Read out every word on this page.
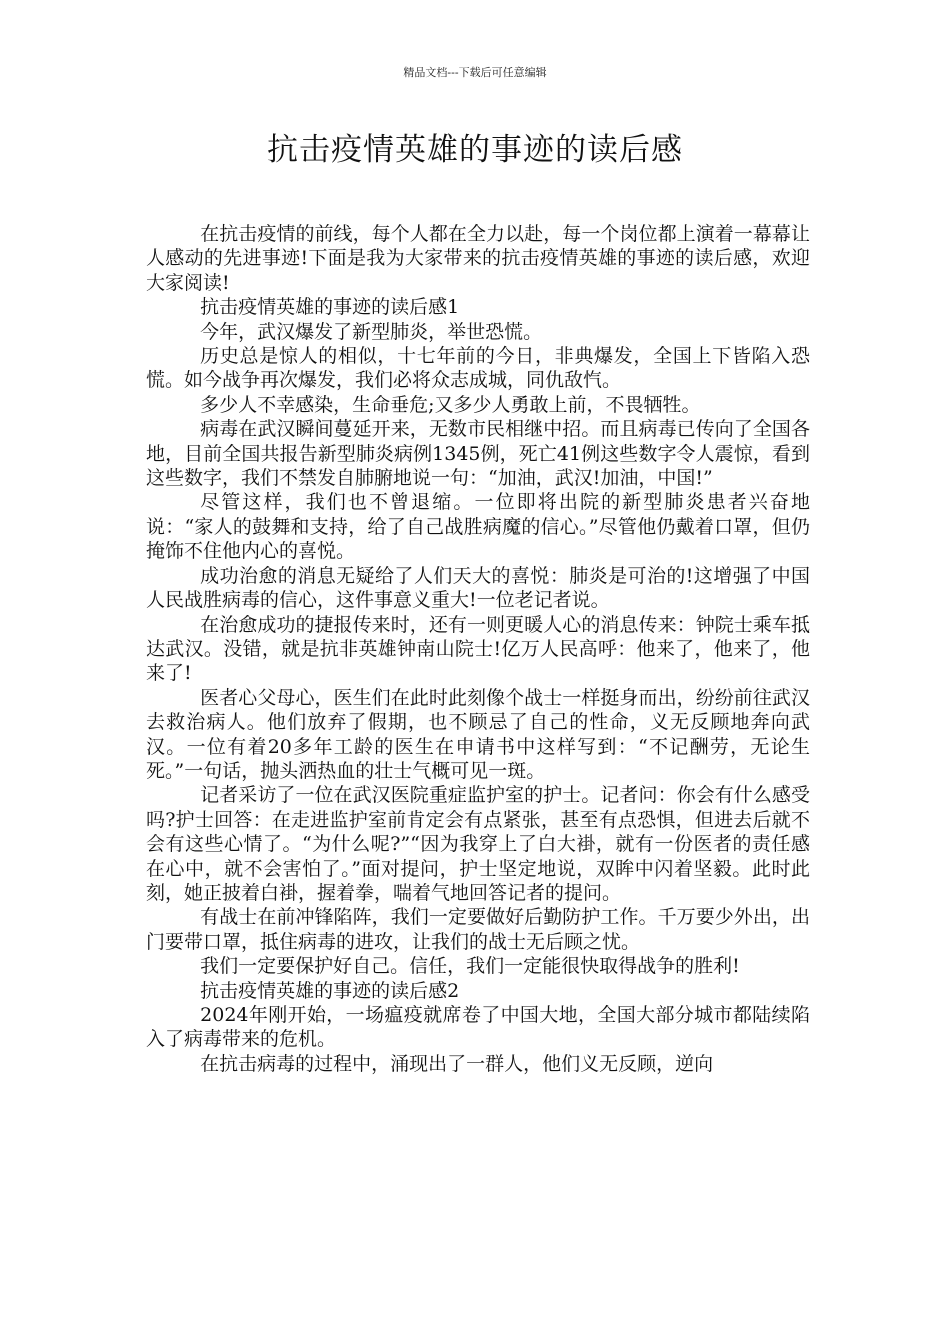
精品文档---下载后可任意编辑
抗击疫情英雄的事迹的读后感

在抗击疫情的前线，每个人都在全力以赴，每一个岗位都上演着一幕幕让人感动的先进事迹!下面是我为大家带来的抗击疫情英雄的事迹的读后感，欢迎大家阅读!

抗击疫情英雄的事迹的读后感1

今年，武汉爆发了新型肺炎，举世恐慌。

历史总是惊人的相似，十七年前的今日，非典爆发，全国上下皆陷入恐慌。如今战争再次爆发，我们必将众志成城，同仇敌忾。

多少人不幸感染，生命垂危;又多少人勇敢上前，不畏牺牲。

病毒在武汉瞬间蔓延开来，无数市民相继中招。而且病毒已传向了全国各地，目前全国共报告新型肺炎病例1345例，死亡41例这些数字令人震惊，看到这些数字，我们不禁发自肺腑地说一句：“加油，武汉!加油，中国!”

尽管这样，我们也不曾退缩。一位即将出院的新型肺炎患者兴奋地说：“家人的鼓舞和支持，给了自己战胜病魔的信心。”尽管他仍戴着口罩，但仍掩饰不住他内心的喜悦。

成功治愈的消息无疑给了人们天大的喜悦：肺炎是可治的!这增强了中国人民战胜病毒的信心，这件事意义重大!一位老记者说。

在治愈成功的捷报传来时，还有一则更暖人心的消息传来：钟院士乘车抵达武汉。没错，就是抗非英雄钟南山院士!亿万人民高呼：他来了，他来了，他来了!

医者心父母心，医生们在此时此刻像个战士一样挺身而出，纷纷前往武汉去救治病人。他们放弃了假期，也不顾忌了自己的性命，义无反顾地奔向武汉。一位有着20多年工龄的医生在申请书中这样写到：“不记酬劳，无论生死。”一句话，抛头洒热血的壮士气概可见一斑。

记者采访了一位在武汉医院重症监护室的护士。记者问：你会有什么感受吗?护士回答：在走进监护室前肯定会有点紧张，甚至有点恐惧，但进去后就不会有这些心情了。“为什么呢?”“因为我穿上了白大褂，就有一份医者的责任感在心中，就不会害怕了。”面对提问，护士坚定地说，双眸中闪着坚毅。此时此刻，她正披着白褂，握着拳，喘着气地回答记者的提问。

有战士在前冲锋陷阵，我们一定要做好后勤防护工作。千万要少外出，出门要带口罩，抵住病毒的进攻，让我们的战士无后顾之忧。

我们一定要保护好自己。信任，我们一定能很快取得战争的胜利!

抗击疫情英雄的事迹的读后感2

2024年刚开始，一场瘟疫就席卷了中国大地，全国大部分城市都陆续陷入了病毒带来的危机。

在抗击病毒的过程中，涌现出了一群人，他们义无反顾，逆向
